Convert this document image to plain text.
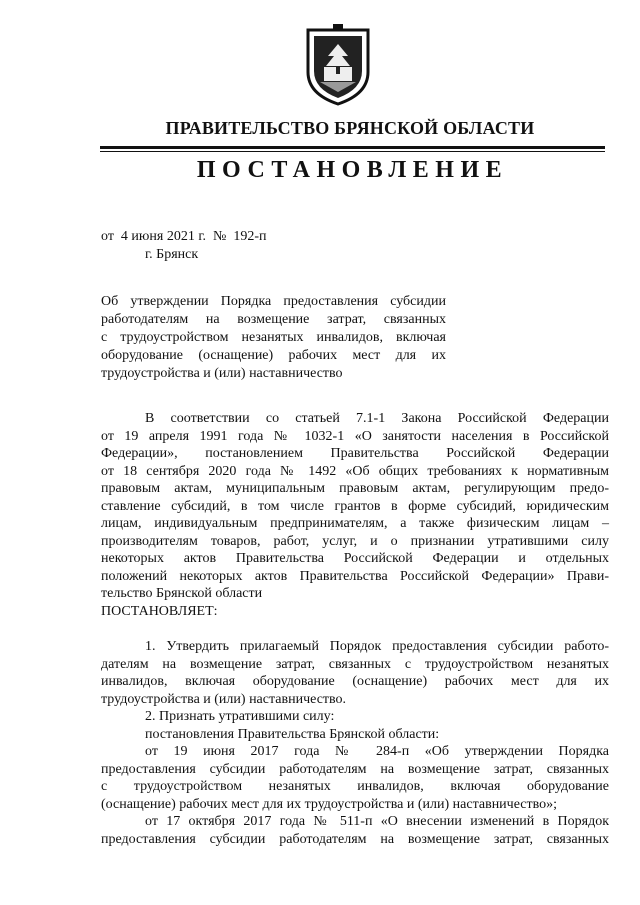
ПРАВИТЕЛЬСТВО БРЯНСКОЙ ОБЛАСТИ
ПОСТАНОВЛЕНИЕ
от  4 июня 2021 г.  №  192-п
г. Брянск
Об утверждении Порядка предоставления субсидии
работодателям на возмещение затрат, связанных
с трудоустройством незанятых инвалидов, включая
оборудование (оснащение) рабочих мест для их
трудоустройства и (или) наставничество
В соответствии со статьей 7.1-1 Закона Российской Федерации
от 19 апреля 1991 года № 1032-1 «О занятости населения в Российской
Федерации», постановлением Правительства Российской Федерации
от 18 сентября 2020 года № 1492 «Об общих требованиях к нормативным
правовым актам, муниципальным правовым актам, регулирующим предо-
ставление субсидий, в том числе грантов в форме субсидий, юридическим
лицам, индивидуальным предпринимателям, а также физическим лицам –
производителям товаров, работ, услуг, и о признании утратившими силу
некоторых актов Правительства Российской Федерации и отдельных
положений некоторых актов Правительства Российской Федерации» Прави-
тельство Брянской области
ПОСТАНОВЛЯЕТ:
1. Утвердить прилагаемый Порядок предоставления субсидии работо-
дателям на возмещение затрат, связанных с трудоустройством незанятых
инвалидов, включая оборудование (оснащение) рабочих мест для их
трудоустройства и (или) наставничество.
2. Признать утратившими силу:
постановления Правительства Брянской области:
от 19 июня 2017 года № 284-п «Об утверждении Порядка
предоставления субсидии работодателям на возмещение затрат, связанных
с трудоустройством незанятых инвалидов, включая оборудование
(оснащение) рабочих мест для их трудоустройства и (или) наставничество»;
от 17 октября 2017 года № 511-п «О внесении изменений в Порядок
предоставления субсидии работодателям на возмещение затрат, связанных
